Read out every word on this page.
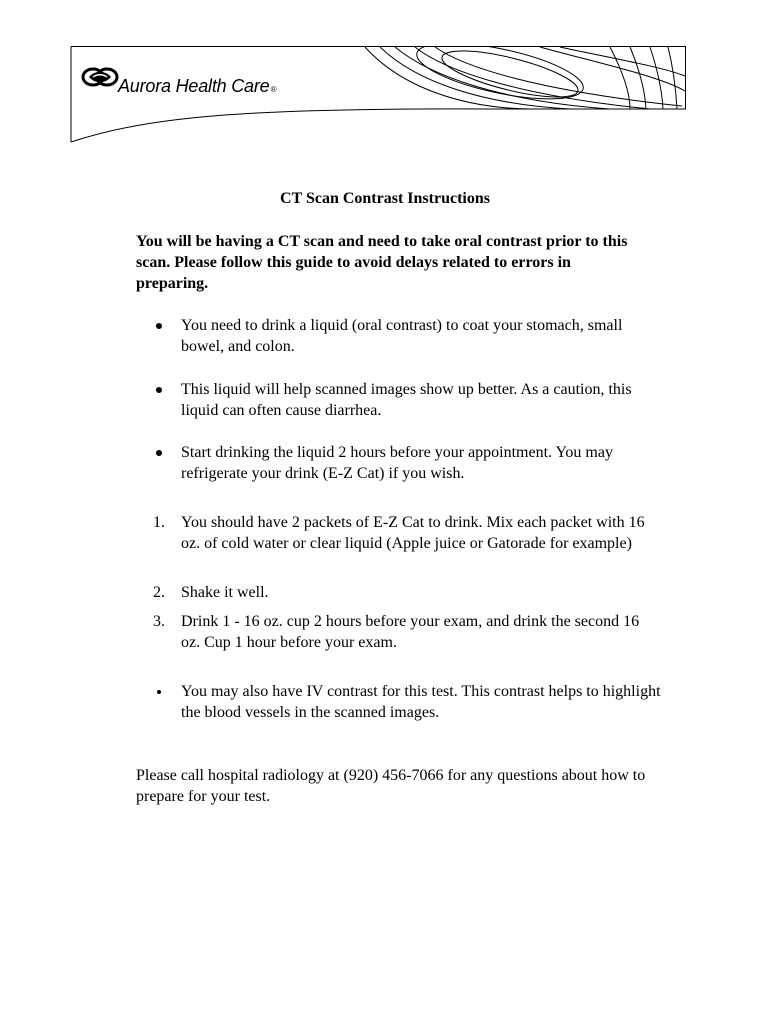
Aurora Health Care®
CT Scan Contrast Instructions

You will be having a CT scan and need to take oral contrast prior to this scan. Please follow this guide to avoid delays related to errors in preparing.

You need to drink a liquid (oral contrast) to coat your stomach, small bowel, and colon.
This liquid will help scanned images show up better. As a caution, this liquid can often cause diarrhea.
Start drinking the liquid 2 hours before your appointment. You may refrigerate your drink (E-Z Cat) if you wish.
1.	You should have 2 packets of E-Z Cat to drink. Mix each packet with 16 oz. of cold water or clear liquid (Apple juice or Gatorade for example)
2.	Shake it well.
3.	Drink 1 - 16 oz. cup 2 hours before your exam, and drink the second 16 oz. Cup 1 hour before your exam.
You may also have IV contrast for this test. This contrast helps to highlight the blood vessels in the scanned images.

Please call hospital radiology at (920) 456-7066 for any questions about how to prepare for your test.
